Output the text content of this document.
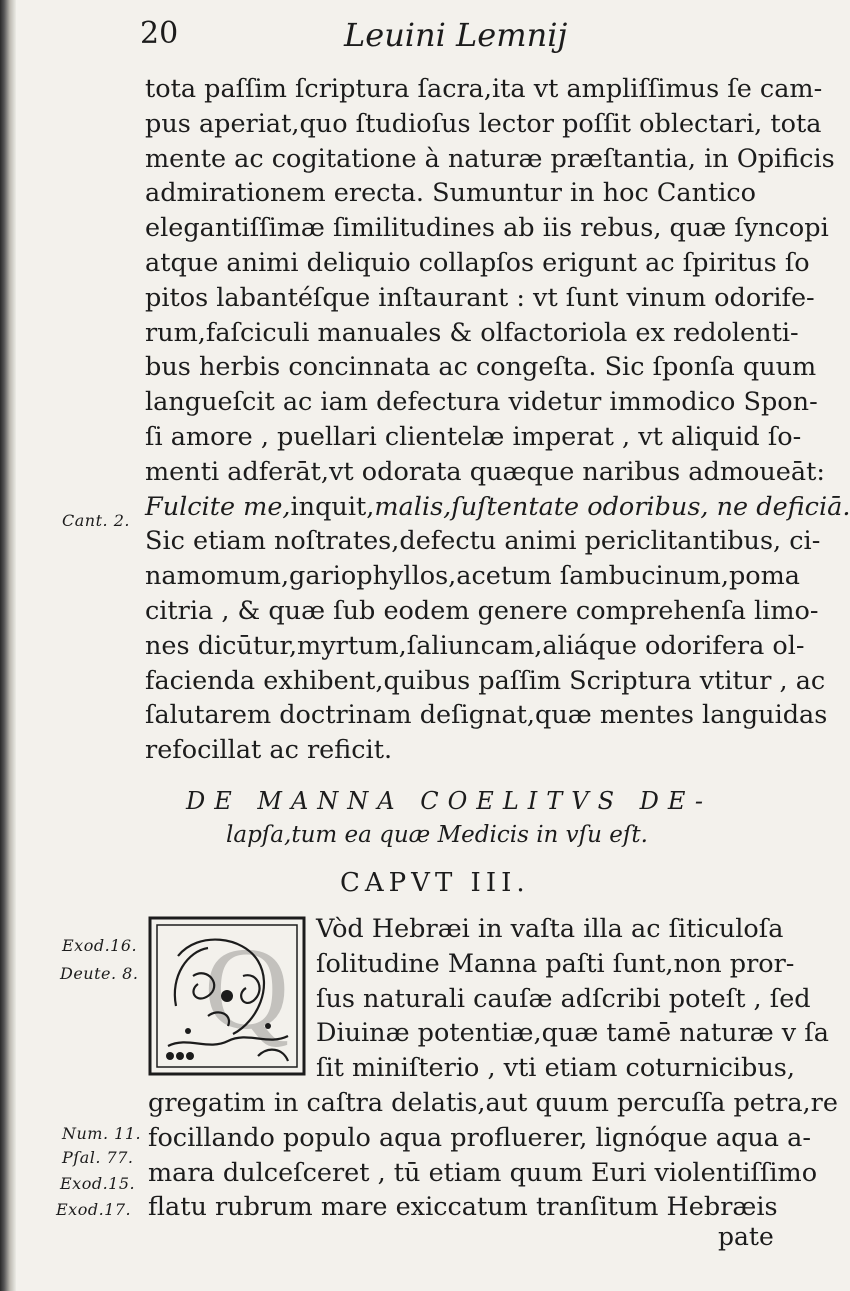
20	Leuini Lemnij
tota paſſim ſcriptura ſacra,ita vt ampliſſimus ſe cam-
pus aperiat,quo ſtudioſus lector poſſit oblectari, tota
mente ac cogitatione à naturæ præſtantia, in Opificis
admirationem erecta. Sumuntur in hoc Cantico
elegantiſſimæ ſimilitudines ab iis rebus, quæ ſyncopi
atque animi deliquio collapſos erigunt ac ſpiritus ſo
pitos labantéſque inſtaurant : vt ſunt vinum odorife-
rum,faſciculi manuales & olfactoriola ex redolenti-
bus herbis concinnata ac congeſta. Sic ſponſa quum
langueſcit ac iam defectura videtur immodico Spon-
ſi amore , puellari clientelæ imperat , vt aliquid ſo-
menti adferāt,vt odorata quæque naribus admoueāt:
Fulcite me,inquit,malis,ſuſtentate odoribus, ne deficiā.
Sic etiam noſtrates,defectu animi periclitantibus, ci-
namomum,gariophyllos,acetum ſambucinum,poma
citria , & quæ ſub eodem genere comprehenſa limo-
nes dicūtur,myrtum,ſaliuncam,aliáque odorifera ol-
facienda exhibent,quibus paſſim Scriptura vtitur , ac
ſalutarem doctrinam deſignat,quæ mentes languidas
refocillat ac reficit.
Cant. 2.
DE MANNA COELITVS DE-
lapſa,tum ea quæ Medicis in vſu eſt.
CAPVT III.
Exod.16.
Deute. 8. Q Vòd Hebræi in vaſta illa ac ſiticuloſa
ſolitudine Manna paſti ſunt,non pror-
ſus naturali cauſæ adſcribi poteſt , ſed
Diuinæ potentiæ,quæ tamē naturæ v ſa
ſit miniſterio , vti etiam coturnicibus,
gregatim in caſtra delatis,aut quum percuſſa petra,re
focillando populo aqua profluerer, lignóque aqua a-
mara dulceſceret , tū etiam quum Euri violentiſſimo
flatu rubrum mare exiccatum tranſitum Hebræis
Num. 11.
Pſal. 77.
Exod.15.
Exod.17.
pate
